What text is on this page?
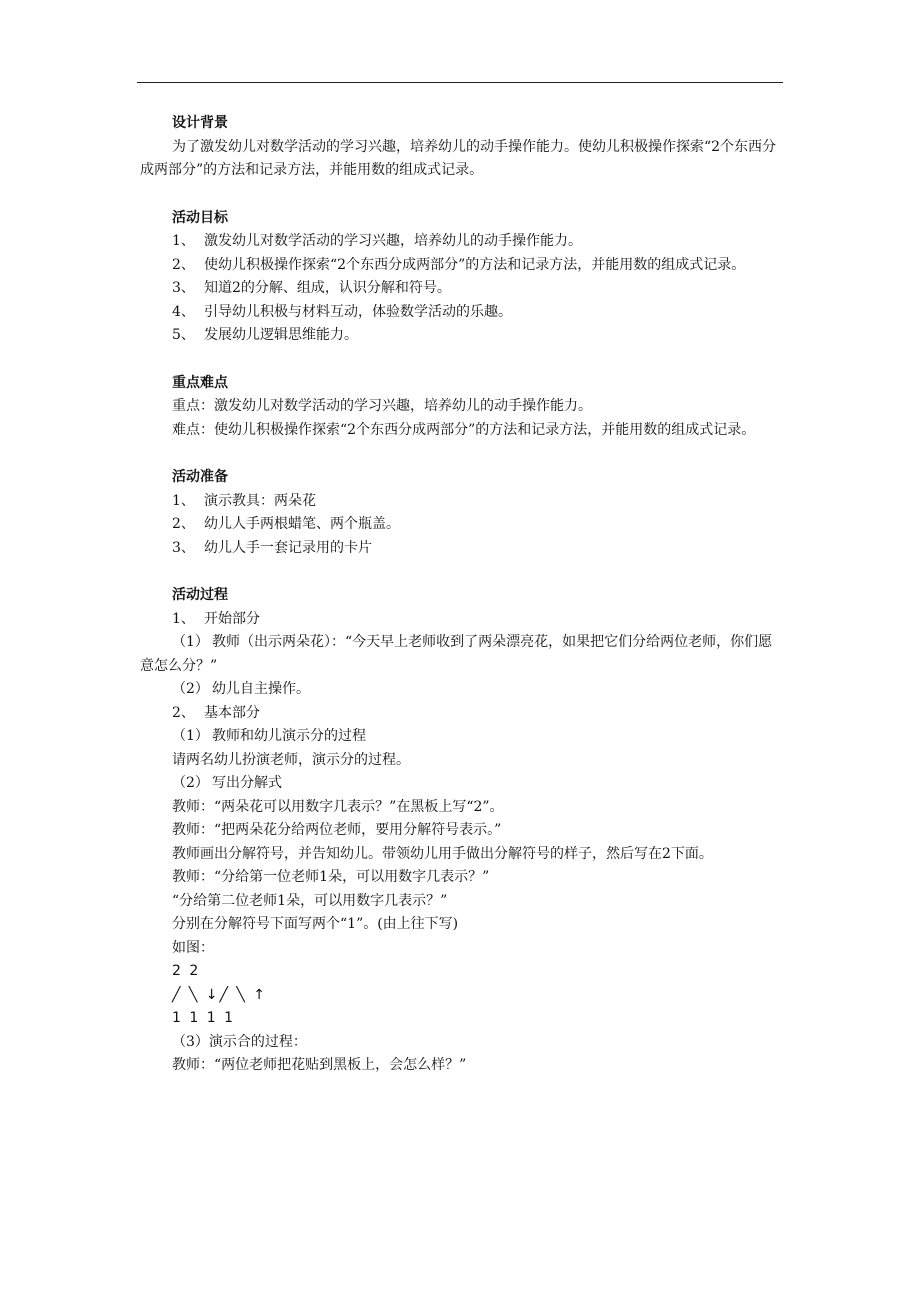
设计背景

为了激发幼儿对数学活动的学习兴趣，培养幼儿的动手操作能力。使幼儿积极操作探索“2个东西分成两部分”的方法和记录方法，并能用数的组成式记录。

活动目标

1、 激发幼儿对数学活动的学习兴趣，培养幼儿的动手操作能力。

2、 使幼儿积极操作探索“2个东西分成两部分”的方法和记录方法，并能用数的组成式记录。

3、 知道2的分解、组成，认识分解和符号。

4、 引导幼儿积极与材料互动，体验数学活动的乐趣。

5、 发展幼儿逻辑思维能力。

重点难点

重点：激发幼儿对数学活动的学习兴趣，培养幼儿的动手操作能力。

难点：使幼儿积极操作探索“2个东西分成两部分”的方法和记录方法，并能用数的组成式记录。

活动准备

1、 演示教具：两朵花

2、 幼儿人手两根蜡笔、两个瓶盖。

3、 幼儿人手一套记录用的卡片

活动过程

1、 开始部分

（1） 教师（出示两朵花）：“今天早上老师收到了两朵漂亮花，如果把它们分给两位老师，你们愿意怎么分？”

（2） 幼儿自主操作。

2、 基本部分

（1） 教师和幼儿演示分的过程

请两名幼儿扮演老师，演示分的过程。

（2） 写出分解式

教师：“两朵花可以用数字几表示？”在黑板上写“2”。

教师：“把两朵花分给两位老师，要用分解符号表示。”

教师画出分解符号，并告知幼儿。带领幼儿用手做出分解符号的样子，然后写在2下面。

教师：“分给第一位老师1朵，可以用数字几表示？”

“分给第二位老师1朵，可以用数字几表示？”

分别在分解符号下面写两个“1”。(由上往下写)

如图：

2 2

╱ ╲ ↓╱ ╲ ↑

1 1 1 1

（3）演示合的过程：

教师：“两位老师把花贴到黑板上，会怎么样？”
